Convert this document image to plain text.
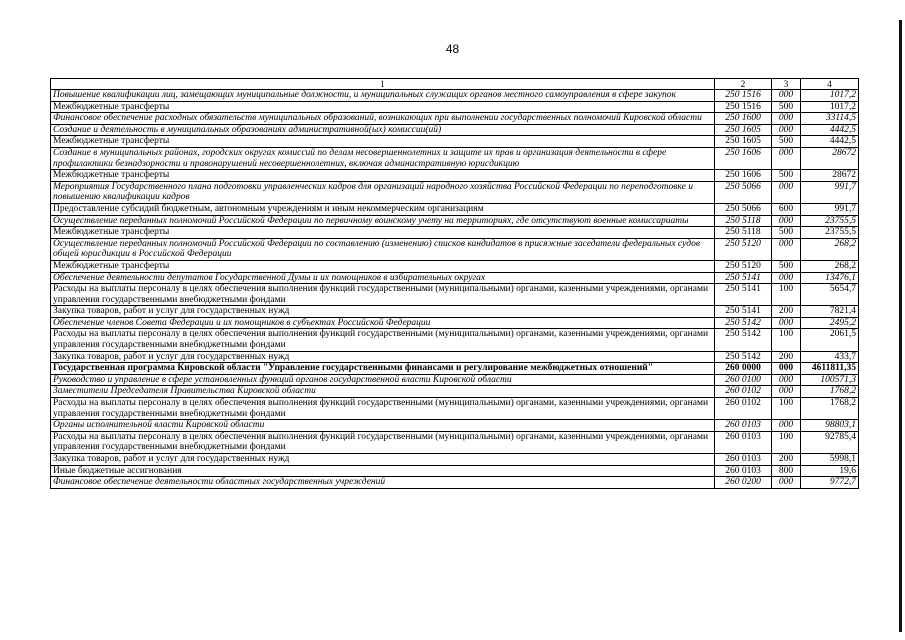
48
1	2	3	4
Повышение квалификации лиц, замещающих муниципальные должности, и муниципальных служащих органов местного самоуправления в сфере закупок	250 1516	000	1017,2
Межбюджетные трансферты	250 1516	500	1017,2
Финансовое обеспечение расходных обязательств муниципальных образований, возникающих при выполнении государственных полномочий Кировской области	250 1600	000	33114,5
Создание и деятельность в муниципальных образованиях административной(ых) комиссии(ий)	250 1605	000	4442,5
Межбюджетные трансферты	250 1605	500	4442,5
Создание в муниципальных районах, городских округах комиссий по делам несовершеннолетних и защите их прав и организация деятельности в сфере профилактики безнадзорности и правонарушений несовершеннолетних, включая административную юрисдикцию	250 1606	000	28672
Межбюджетные трансферты	250 1606	500	28672
Мероприятия Государственного плана подготовки управленческих кадров для организаций народного хозяйства Российской Федерации по переподготовке и повышению квалификации кадров	250 5066	000	991,7
Предоставление субсидий бюджетным, автономным учреждениям и иным некоммерческим организациям	250 5066	600	991,7
Осуществление переданных полномочий Российской Федерации по первичному воинскому учету на территориях, где отсутствуют военные комиссариаты	250 5118	000	23755,5
Межбюджетные трансферты	250 5118	500	23755,5
Осуществление переданных полномочий Российской Федерации по составлению (изменению) списков кандидатов в присяжные заседатели федеральных судов общей юрисдикции в Российской Федерации	250 5120	000	268,2
Межбюджетные трансферты	250 5120	500	268,2
Обеспечение деятельности депутатов Государственной Думы и их помощников в избирательных округах	250 5141	000	13476,1
Расходы на выплаты персоналу в целях обеспечения выполнения функций государственными (муниципальными) органами, казенными учреждениями, органами управления государственными внебюджетными фондами	250 5141	100	5654,7
Закупка товаров, работ и услуг для государственных нужд	250 5141	200	7821,4
Обеспечение членов Совета Федерации и их помощников в субъектах Российской Федерации	250 5142	000	2495,2
Расходы на выплаты персоналу в целях обеспечения выполнения функций государственными (муниципальными) органами, казенными учреждениями, органами управления государственными внебюджетными фондами	250 5142	100	2061,5
Закупка товаров, работ и услуг для государственных нужд	250 5142	200	433,7
Государственная программа Кировской области "Управление государственными финансами и регулирование межбюджетных отношений"	260 0000	000	4611811,35
Руководство и управление в сфере установленных функций органов государственной власти Кировской области	260 0100	000	100571,3
Заместители Председателя Правительства Кировской области	260 0102	000	1768,2
Расходы на выплаты персоналу в целях обеспечения выполнения функций государственными (муниципальными) органами, казенными учреждениями, органами управления государственными внебюджетными фондами	260 0102	100	1768,2
Органы исполнительной власти Кировской области	260 0103	000	98803,1
Расходы на выплаты персоналу в целях обеспечения выполнения функций государственными (муниципальными) органами, казенными учреждениями, органами управления государственными внебюджетными фондами	260 0103	100	92785,4
Закупка товаров, работ и услуг для государственных нужд	260 0103	200	5998,1
Иные бюджетные ассигнования	260 0103	800	19,6
Финансовое обеспечение деятельности областных государственных учреждений	260 0200	000	9772,7
